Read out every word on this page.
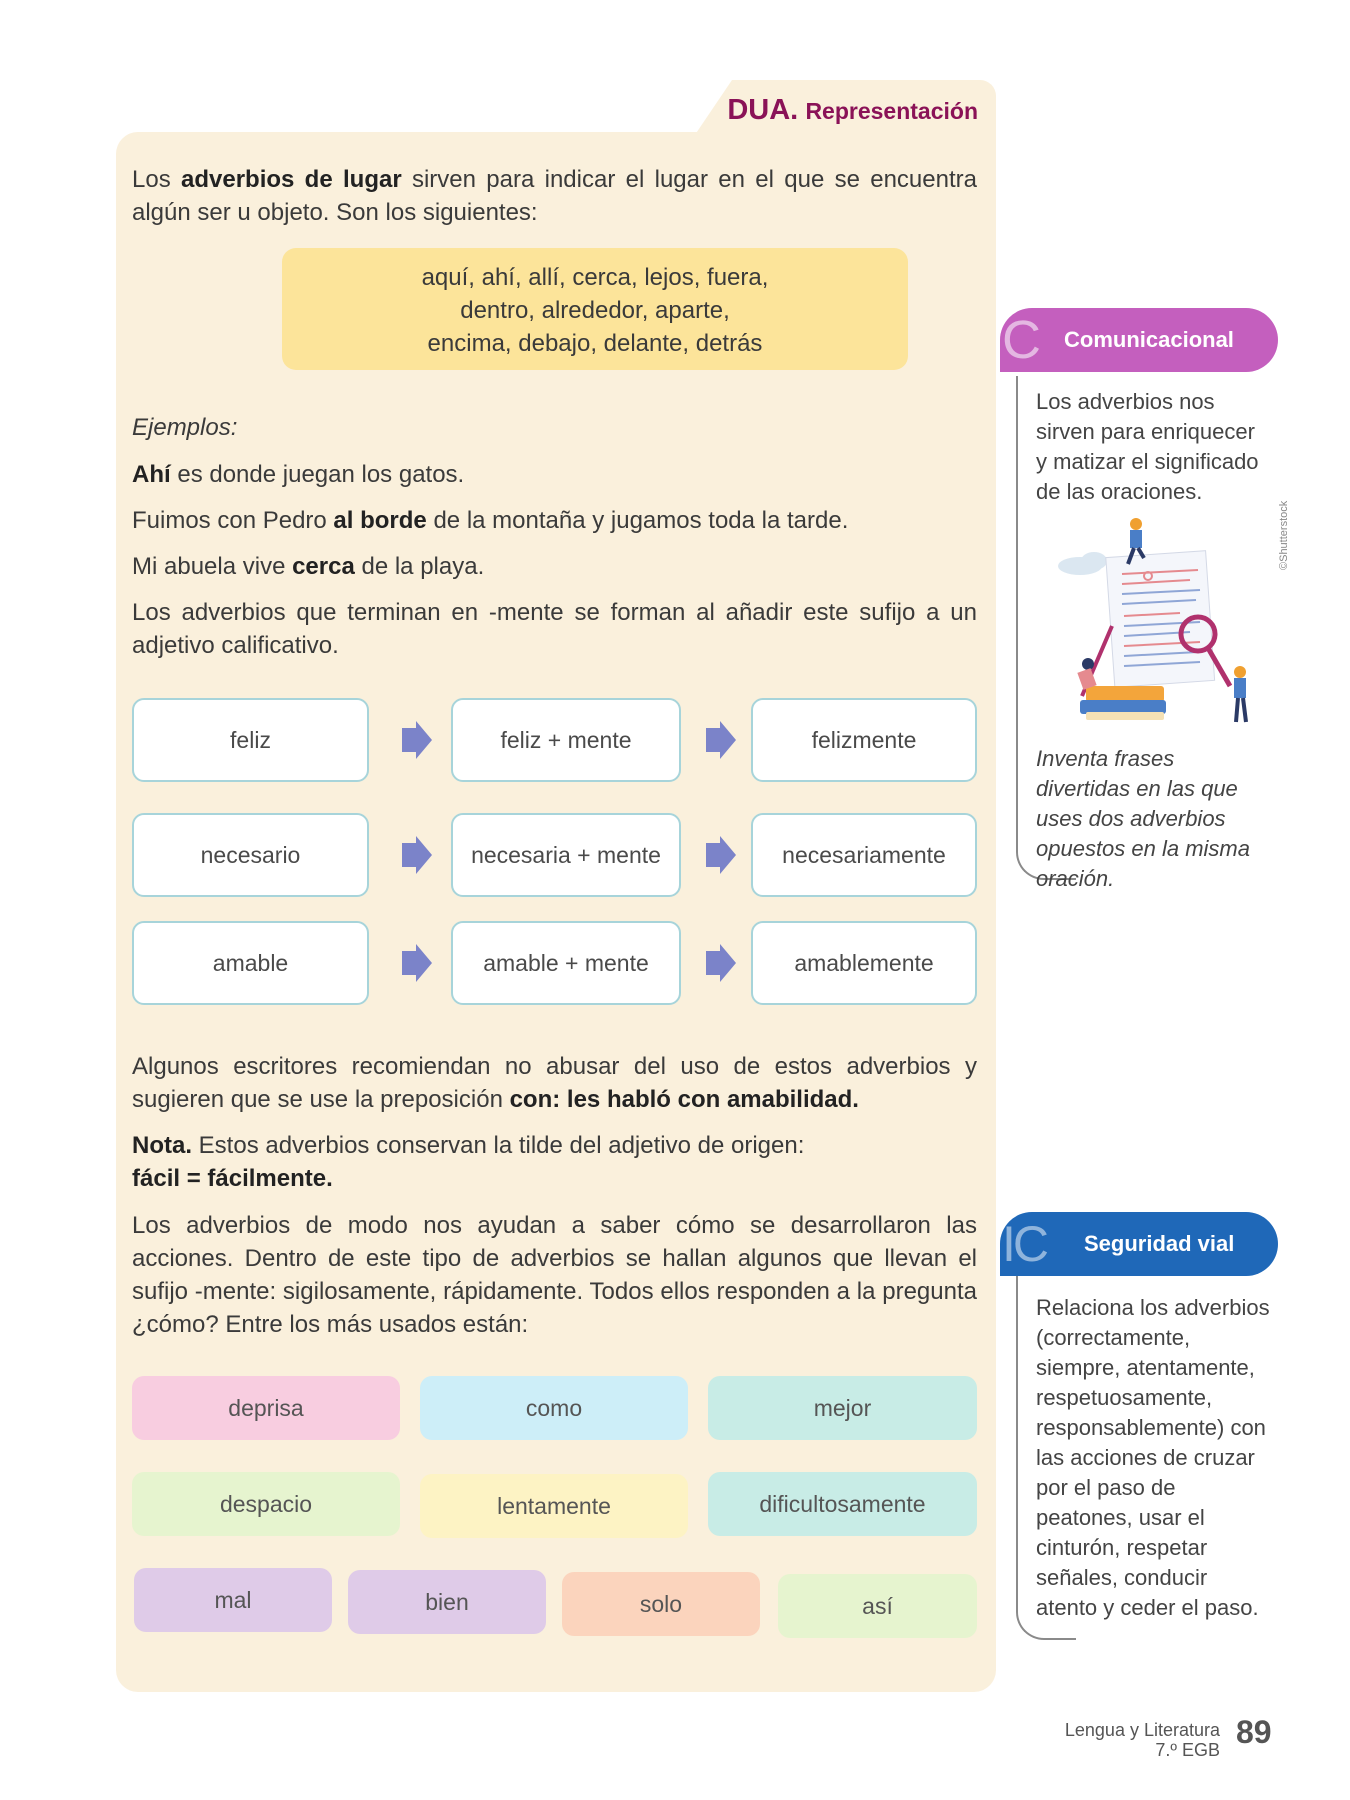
DUA. Representación
Los adverbios de lugar sirven para indicar el lugar en el que se encuentra algún ser u objeto. Son los siguientes:
aquí, ahí, allí, cerca, lejos, fuera,
dentro, alrededor, aparte,
encima, debajo, delante, detrás
Ejemplos:
Ahí es donde juegan los gatos.
Fuimos con Pedro al borde de la montaña y jugamos toda la tarde.
Mi abuela vive cerca de la playa.
Los adverbios que terminan en -mente se forman al añadir este sufijo a un adjetivo calificativo.
feliz	feliz + mente	felizmente
necesario	necesaria + mente	necesariamente
amable	amable + mente	amablemente
Algunos escritores recomiendan no abusar del uso de estos adverbios y sugieren que se use la preposición con: les habló con amabilidad.
Nota. Estos adverbios conservan la tilde del adjetivo de origen:
fácil = fácilmente.
Los adverbios de modo nos ayudan a saber cómo se desarrollaron las acciones. Dentro de este tipo de adverbios se hallan algunos que llevan el sufijo -mente: sigilosamente, rápidamente. Todos ellos responden a la pregunta ¿cómo? Entre los más usados están:
deprisa	como	mejor
despacio	lentamente	dificultosamente
mal	bien	solo	así
C	Comunicacional
Los adverbios nos sirven para enriquecer y matizar el significado de las oraciones.
©Shutterstock
Inventa frases divertidas en las que uses dos adverbios opuestos en la misma oración.
IC	Seguridad vial
Relaciona los adverbios (correctamente, siempre, atentamente, respetuosamente, responsablemente) con las acciones de cruzar por el paso de peatones, usar el cinturón, respetar señales, conducir atento y ceder el paso.
Lengua y Literatura
7.º EGB 89
